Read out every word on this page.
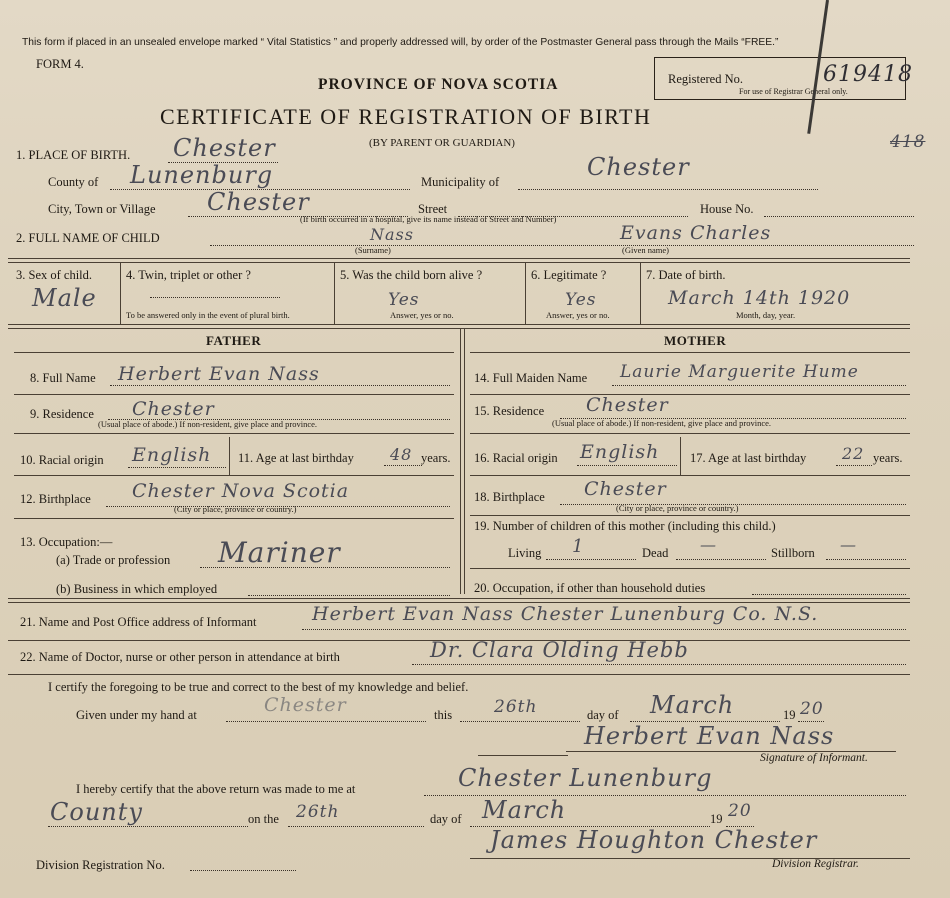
This form if placed in an unsealed envelope marked “ Vital Statistics ” and properly addressed will, by order of the Postmaster General pass through the Mails “FREE.”
FORM 4.
PROVINCE OF NOVA SCOTIA
CERTIFICATE OF REGISTRATION OF BIRTH
(BY PARENT OR GUARDIAN)
Registered No.	619418
For use of Registrar General only.
418
1. PLACE OF BIRTH. Chester
County of Lunenburg	Municipality of
Chester
City, Town or Village Chester	Street	House No.
(If birth occurred in a hospital, give its name instead of Street and Number)
2. FULL NAME OF CHILD	Nass	Evans Charles
(Surname)	(Given name)
3. Sex of child.
Male
4. Twin, triplet or other ?
To be answered only in the event of plural birth.
5. Was the child born alive ?
Yes
Answer, yes or no.
6. Legitimate ?
Yes
Answer, yes or no.
7. Date of birth.
March 14th 1920
Month, day, year.
FATHER	MOTHER
8. Full Name Herbert Evan Nass
9. Residence Chester
(Usual place of abode.) If non-resident, give place and province.
10. Racial origin English 11. Age at last birthday 48 years.
12. Birthplace Chester Nova Scotia
(City or place, province or country.)
13. Occupation:—
(a) Trade or profession Mariner
(b) Business in which employed
14. Full Maiden Name Laurie Marguerite Hume
15. Residence Chester
(Usual place of abode.) If non-resident, give place and province.
16. Racial origin English 17. Age at last birthday 22 years.
18. Birthplace Chester
(City or place, province or country.)
19. Number of children of this mother (including this child.)
Living 1	Dead —	Stillborn —
20. Occupation, if other than household duties
21. Name and Post Office address of Informant	Herbert Evan Nass Chester Lunenburg Co. N.S.
22. Name of Doctor, nurse or other person in attendance at birth	Dr. Clara Olding Hebb
I certify the foregoing to be true and correct to the best of my knowledge and belief.
Given under my hand at	Chester	this 26th	day of March	19 20
Herbert Evan Nass
Signature of Informant.
I hereby certify that the above return was made to me at	Chester Lunenburg
County	on the 26th	day of March	19 20
Division Registration No.
James Houghton Chester
Division Registrar.
